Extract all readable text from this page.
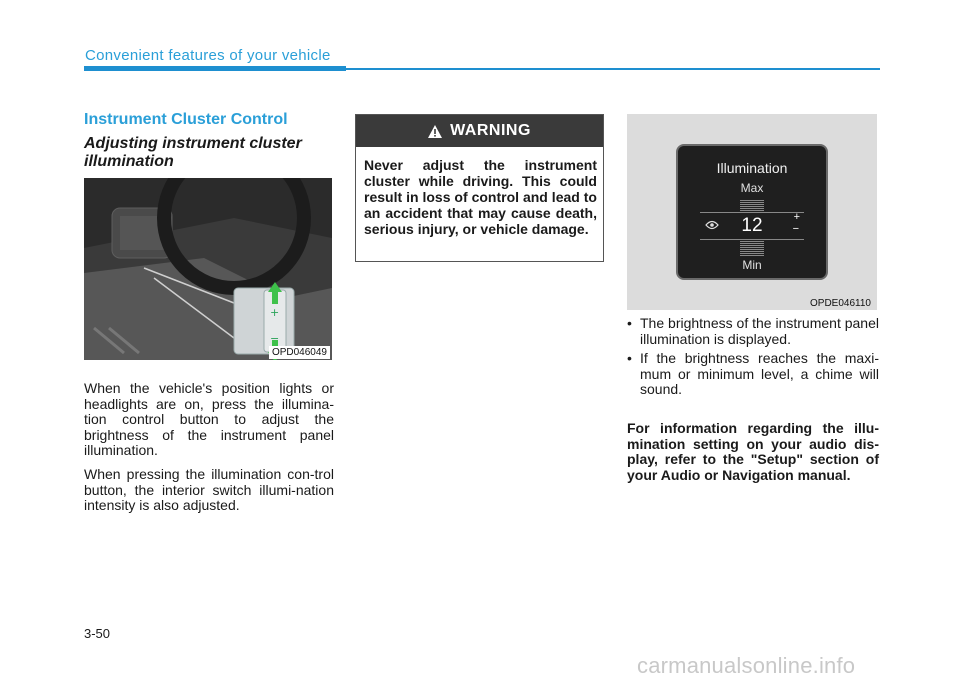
Convenient features of your vehicle
Instrument Cluster Control
Adjusting instrument cluster illumination
+
−
OPD046049
When the vehicle's position lights or headlights are on, press the illumina-tion control button to adjust the brightness of the instrument panel illumination.
When pressing the illumination con-trol button, the interior switch illumi-nation intensity is also adjusted.
WARNING
Never adjust the instrument cluster while driving. This could result in loss of control and lead to an accident that may cause death, serious injury, or vehicle damage.
Illumination
Max
12	+
−
Min
OPDE046110
• The brightness of the instrument panel illumination is displayed.
• If the brightness reaches the maxi-mum or minimum level, a chime will sound.
For information regarding the illu-mination setting on your audio dis-play, refer to the "Setup" section of your Audio or Navigation manual.
3-50
carmanualsonline.info
